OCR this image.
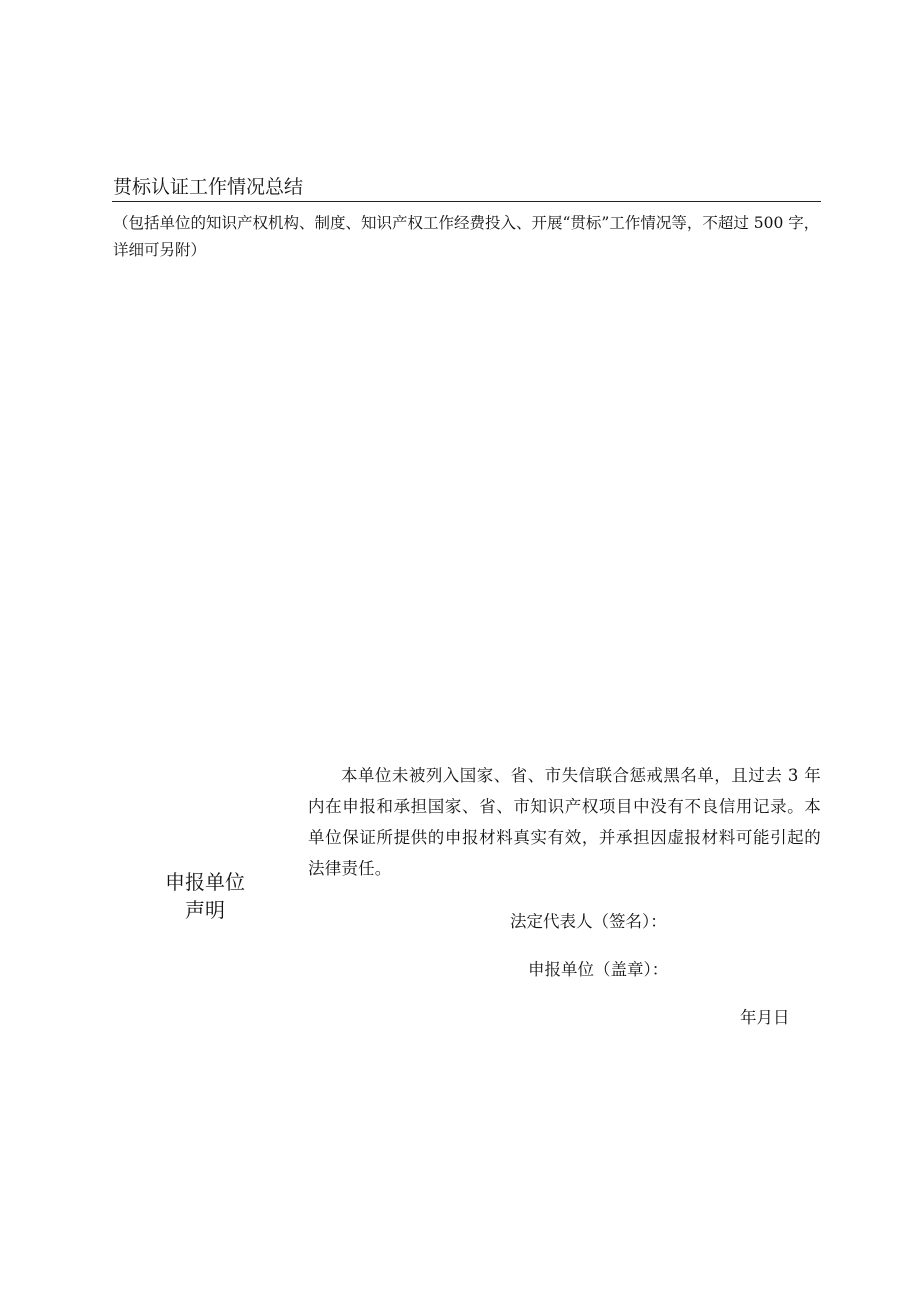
贯标认证工作情况总结

（包括单位的知识产权机构、制度、知识产权工作经费投入、开展“贯标”工作情况等，不超过 500 字，详细可另附）

申报单位
声明

本单位未被列入国家、省、市失信联合惩戒黑名单，且过去 3 年内在申报和承担国家、省、市知识产权项目中没有不良信用记录。本单位保证所提供的申报材料真实有效，并承担因虚报材料可能引起的法律责任。

法定代表人（签名）：
申报单位（盖章）：
年月日
